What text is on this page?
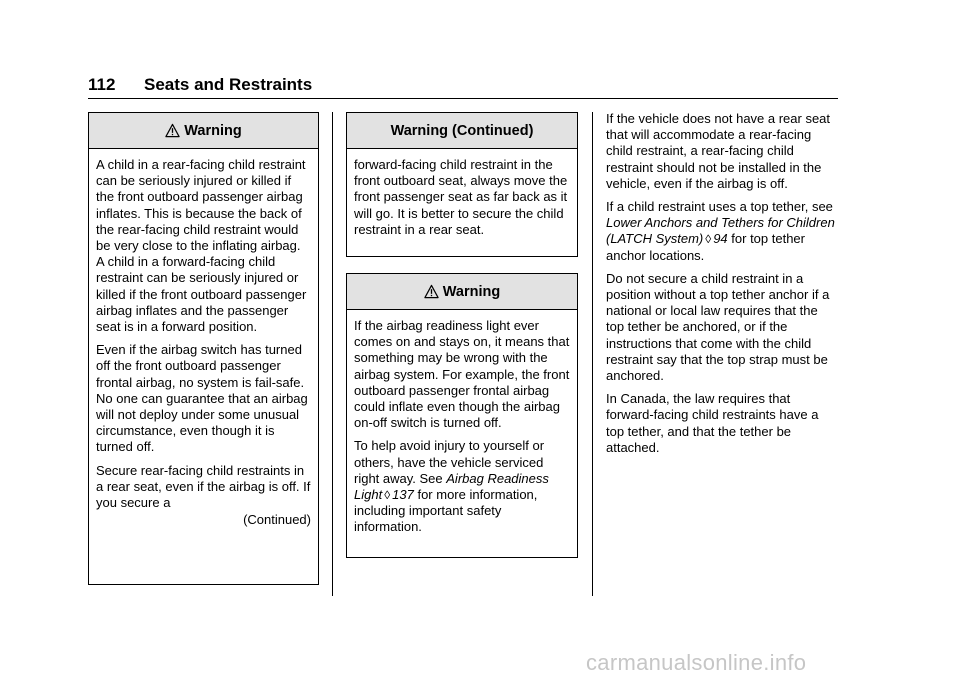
112 Seats and Restraints
Warning

A child in a rear-facing child restraint can be seriously injured or killed if the front outboard passenger airbag inflates. This is because the back of the rear-facing child restraint would be very close to the inflating airbag. A child in a forward-facing child restraint can be seriously injured or killed if the front outboard passenger airbag inflates and the passenger seat is in a forward position.

Even if the airbag switch has turned off the front outboard passenger frontal airbag, no system is fail-safe. No one can guarantee that an airbag will not deploy under some unusual circumstance, even though it is turned off.

Secure rear-facing child restraints in a rear seat, even if the airbag is off. If you secure a

(Continued)

Warning (Continued)

forward-facing child restraint in the front outboard seat, always move the front passenger seat as far back as it will go. It is better to secure the child restraint in a rear seat.

Warning

If the airbag readiness light ever comes on and stays on, it means that something may be wrong with the airbag system. For example, the front outboard passenger frontal airbag could inflate even though the airbag on-off switch is turned off.

To help avoid injury to yourself or others, have the vehicle serviced right away. See Airbag Readiness Light ◊ 137 for more information, including important safety information.

If the vehicle does not have a rear seat that will accommodate a rear-facing child restraint, a rear-facing child restraint should not be installed in the vehicle, even if the airbag is off.

If a child restraint uses a top tether, see Lower Anchors and Tethers for Children (LATCH System) ◊ 94 for top tether anchor locations.

Do not secure a child restraint in a position without a top tether anchor if a national or local law requires that the top tether be anchored, or if the instructions that come with the child restraint say that the top strap must be anchored.

In Canada, the law requires that forward-facing child restraints have a top tether, and that the tether be attached.

carmanualsonline.info
